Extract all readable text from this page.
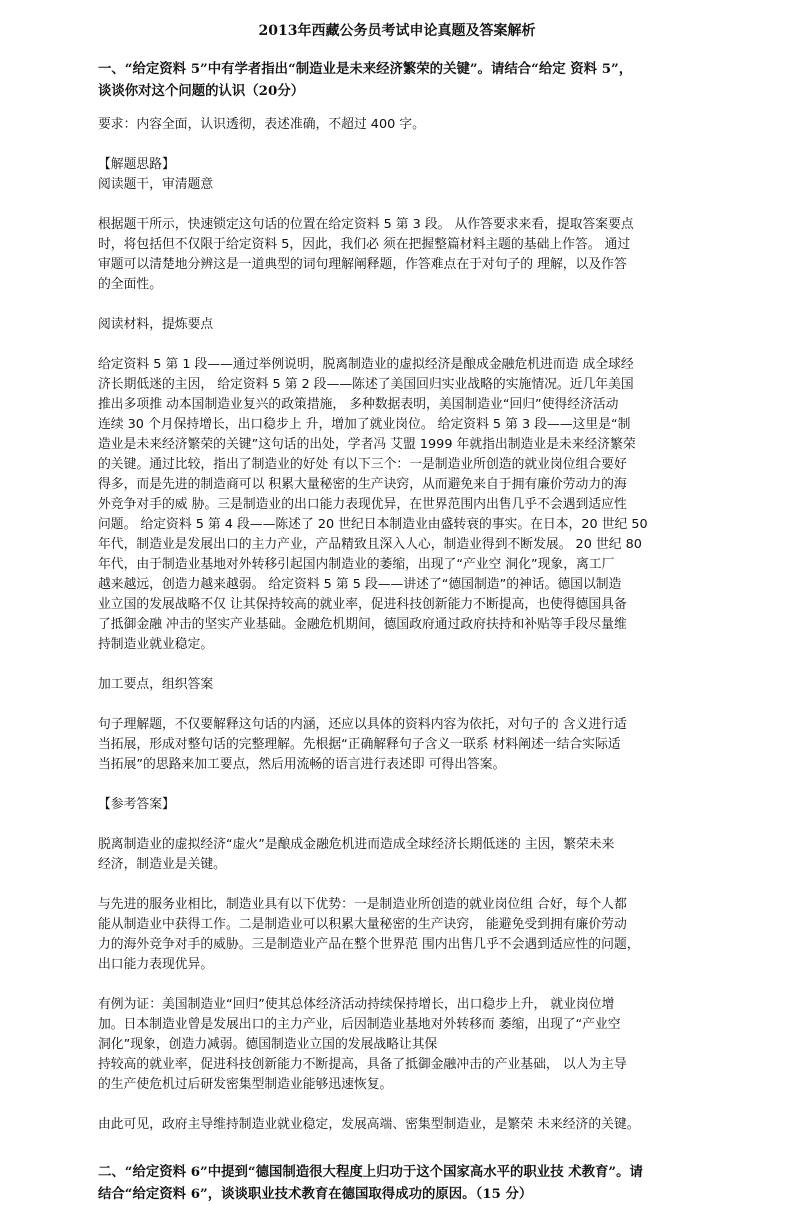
2013年西藏公务员考试申论真题及答案解析
一、“给定资料 5”中有学者指出“制造业是未来经济繁荣的关键”。请结合“给定 资料 5”，
谈谈你对这个问题的认识（20分）

要求：内容全面，认识透彻，表述准确，不超过 400 字。

【解题思路】

阅读题干，审清题意

根据题干所示，快速锁定这句话的位置在给定资料 5 第 3 段。 从作答要求来看，提取答案要点

时，将包括但不仅限于给定资料 5，因此，我们必 须在把握整篇材料主题的基础上作答。 通过

审题可以清楚地分辨这是一道典型的词句理解阐释题，作答难点在于对句子的 理解，以及作答

的全面性。

阅读材料，提炼要点

给定资料 5 第 1 段——通过举例说明，脱离制造业的虚拟经济是酿成金融危机进而造 成全球经

济长期低迷的主因， 给定资料 5 第 2 段——陈述了美国回归实业战略的实施情况。近几年美国

推出多项推 动本国制造业复兴的政策措施， 多种数据表明，美国制造业“回归”使得经济活动

连续 30 个月保持增长，出口稳步上 升，增加了就业岗位。 给定资料 5 第 3 段——这里是“制

造业是未来经济繁荣的关键”这句话的出处，学者冯 艾盟 1999 年就指出制造业是未来经济繁荣

的关键。通过比较，指出了制造业的好处 有以下三个：一是制造业所创造的就业岗位组合要好

得多，而是先进的制造商可以 积累大量秘密的生产诀窍，从而避免来自于拥有廉价劳动力的海

外竞争对手的威 胁。三是制造业的出口能力表现优异，在世界范围内出售几乎不会遇到适应性

问题。 给定资料 5 第 4 段——陈述了 20 世纪日本制造业由盛转衰的事实。在日本，20 世纪 50

年代，制造业是发展出口的主力产业，产品精致且深入人心，制造业得到不断发展。 20 世纪 80

年代，由于制造业基地对外转移引起国内制造业的萎缩，出现了“产业空 洞化”现象，离工厂

越来越远，创造力越来越弱。 给定资料 5 第 5 段——讲述了“德国制造”的神话。德国以制造

业立国的发展战略不仅 让其保持较高的就业率，促进科技创新能力不断提高，也使得德国具备

了抵御金融 冲击的坚实产业基础。金融危机期间，德国政府通过政府扶持和补贴等手段尽量维

持制造业就业稳定。

加工要点，组织答案

句子理解题，不仅要解释这句话的内涵，还应以具体的资料内容为依托，对句子的 含义进行适

当拓展，形成对整句话的完整理解。先根据“正确解释句子含义一联系 材料阐述一结合实际适

当拓展”的思路来加工要点，然后用流畅的语言进行表述即 可得出答案。

【参考答案】

脱离制造业的虚拟经济“虚火”是酿成金融危机进而造成全球经济长期低迷的 主因，繁荣未来

经济，制造业是关键。

与先进的服务业相比，制造业具有以下优势：一是制造业所创造的就业岗位组 合好，每个人都

能从制造业中获得工作。二是制造业可以积累大量秘密的生产诀窍， 能避免受到拥有廉价劳动

力的海外竞争对手的威胁。三是制造业产品在整个世界范 围内出售几乎不会遇到适应性的问题，

出口能力表现优异。

有例为证：美国制造业“回归”使其总体经济活动持续保持增长，出口稳步上升， 就业岗位增

加。日本制造业曾是发展出口的主力产业，后因制造业基地对外转移而 萎缩，出现了“产业空

洞化”现象，创造力减弱。德国制造业立国的发展战略让其保

持较高的就业率，促进科技创新能力不断提高，具备了抵御金融冲击的产业基础， 以人为主导

的生产使危机过后研发密集型制造业能够迅速恢复。

由此可见，政府主导维持制造业就业稳定，发展高端、密集型制造业，是繁荣 未来经济的关键。

二、“给定资料 6”中提到“德国制造很大程度上归功于这个国家高水平的职业技 术教育”。请
结合“给定资料 6”，谈谈职业技术教育在德国取得成功的原因。（15 分）
